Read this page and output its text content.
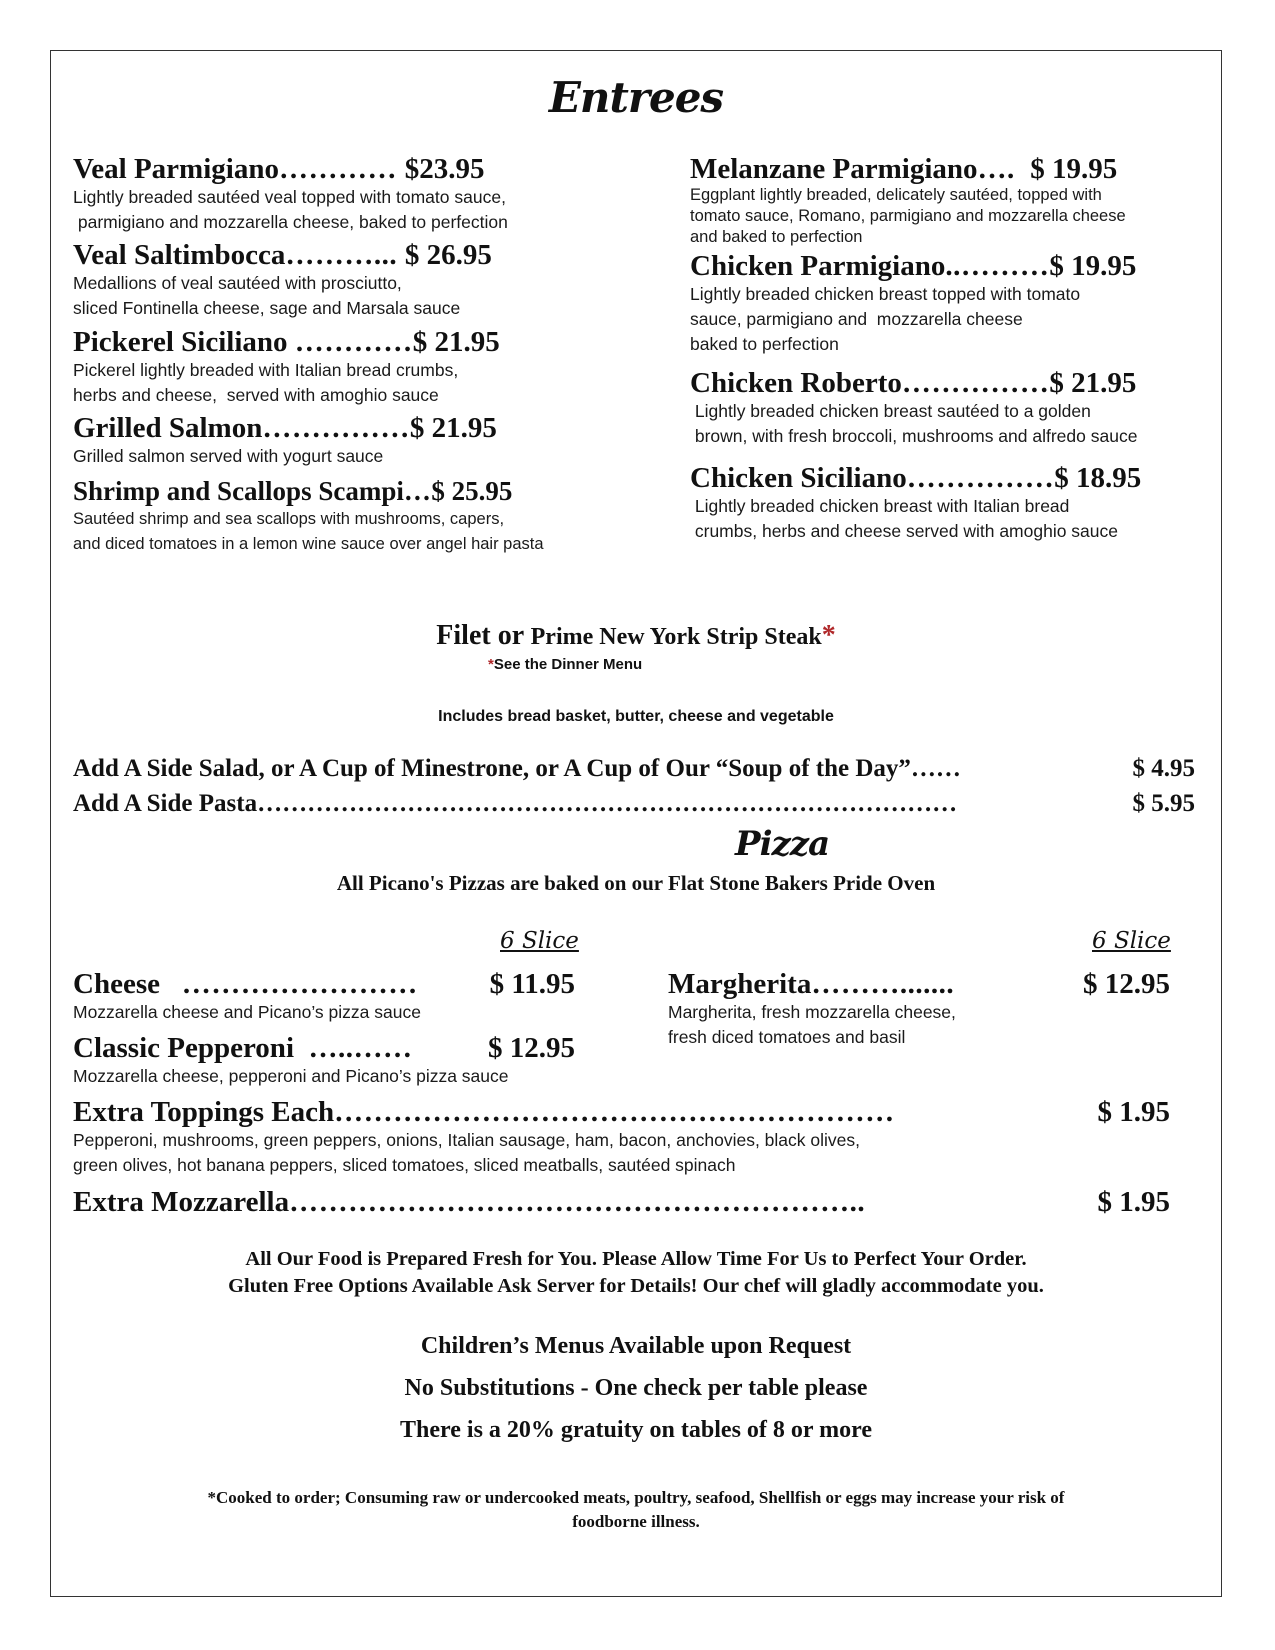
Entrees
Veal Parmigiano………… $23.95
Lightly breaded sautéed veal topped with tomato sauce,
parmigiano and mozzarella cheese, baked to perfection
Veal Saltimbocca………... $ 26.95
Medallions of veal sautéed with prosciutto,
sliced Fontinella cheese, sage and Marsala sauce
Pickerel Siciliano …………$ 21.95
Pickerel lightly breaded with Italian bread crumbs,
herbs and cheese,  served with amoghio sauce
Grilled Salmon……………$ 21.95
Grilled salmon served with yogurt sauce
Shrimp and Scallops Scampi…$ 25.95
Sautéed shrimp and sea scallops with mushrooms, capers,
and diced tomatoes in a lemon wine sauce over angel hair pasta
Melanzane Parmigiano….  $ 19.95
Eggplant lightly breaded, delicately sautéed, topped with
tomato sauce, Romano, parmigiano and mozzarella cheese
and baked to perfection
Chicken Parmigiano..………$ 19.95
Lightly breaded chicken breast topped with tomato
sauce, parmigiano and  mozzarella cheese
baked to perfection
Chicken Roberto……………$ 21.95
Lightly breaded chicken breast sautéed to a golden
brown, with fresh broccoli, mushrooms and alfredo sauce
Chicken Siciliano……………$ 18.95
Lightly breaded chicken breast with Italian bread
crumbs, herbs and cheese served with amoghio sauce
Filet or Prime New York Strip Steak*
*See the Dinner Menu
Includes bread basket, butter, cheese and vegetable
Add A Side Salad, or A Cup of Minestrone, or A Cup of Our “Soup of the Day”……	$ 4.95
Add A Side Pasta…………………………………………………………………………	$ 5.95
Pizza
All Picano's Pizzas are baked on our Flat Stone Bakers Pride Oven
6 Slice	6 Slice
Cheese   …………………… $ 11.95
Mozzarella cheese and Picano’s pizza sauce
Classic Pepperoni  …..……	$ 12.95
Mozzarella cheese, pepperoni and Picano’s pizza sauce
Margherita……….......	$ 12.95
Margherita, fresh mozzarella cheese,
fresh diced tomatoes and basil
Extra Toppings Each…………………………………………………	$ 1.95
Pepperoni, mushrooms, green peppers, onions, Italian sausage, ham, bacon, anchovies, black olives,
green olives, hot banana peppers, sliced tomatoes, sliced meatballs, sautéed spinach
Extra Mozzarella…………………………………………………..	$ 1.95
All Our Food is Prepared Fresh for You. Please Allow Time For Us to Perfect Your Order.
Gluten Free Options Available Ask Server for Details! Our chef will gladly accommodate you.
Children’s Menus Available upon Request
No Substitutions - One check per table please
There is a 20% gratuity on tables of 8 or more
*Cooked to order; Consuming raw or undercooked meats, poultry, seafood, Shellfish or eggs may increase your risk of
foodborne illness.
